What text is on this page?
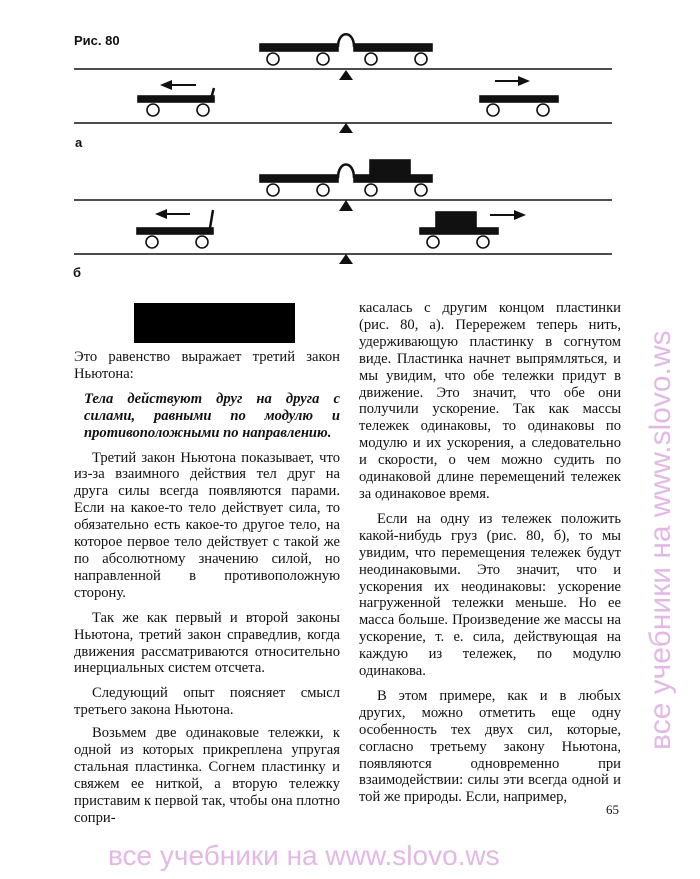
Рис. 80
а
б

Это равенство выражает третий закон Ньютона:

Тела действуют друг на друга с силами, равными по модулю и противоположными по направлению.

Третий закон Ньютона показывает, что из-за взаимного действия тел друг на друга силы всегда появляются парами. Если на какое-то тело действует сила, то обязательно есть какое-то другое тело, на которое первое тело действует с такой же по абсолютному значению силой, но направленной в противоположную сторону.

Так же как первый и второй законы Ньютона, третий закон справедлив, когда движения рассматриваются относительно инерциальных систем отсчета.

Следующий опыт поясняет смысл третьего закона Ньютона.

Возьмем две одинаковые тележки, к одной из которых прикреплена упругая стальная пластинка. Согнем пластинку и свяжем ее ниткой, а вторую тележку приставим к первой так, чтобы она плотно сопри-

касалась с другим концом пластинки (рис. 80, а). Перережем теперь нить, удерживающую пластинку в согнутом виде. Пластинка начнет выпрямляться, и мы увидим, что обе тележки придут в движение. Это значит, что обе они получили ускорение. Так как массы тележек одинаковы, то одинаковы по модулю и их ускорения, а следовательно и скорости, о чем можно судить по одинаковой длине перемещений тележек за одинаковое время.

Если на одну из тележек положить какой-нибудь груз (рис. 80, б), то мы увидим, что перемещения тележек будут неодинаковыми. Это значит, что и ускорения их неодинаковы: ускорение нагруженной тележки меньше. Но ее масса больше. Произведение же массы на ускорение, т. е. сила, действующая на каждую из тележек, по модулю одинакова.

В этом примере, как и в любых других, можно отметить еще одну особенность тех двух сил, которые, согласно третьему закону Ньютона, появляются одновременно при взаимодействии: силы эти всегда одной и той же природы. Если, например,

65
все учебники на www.slovo.ws
все учебники на www.slovo.ws
